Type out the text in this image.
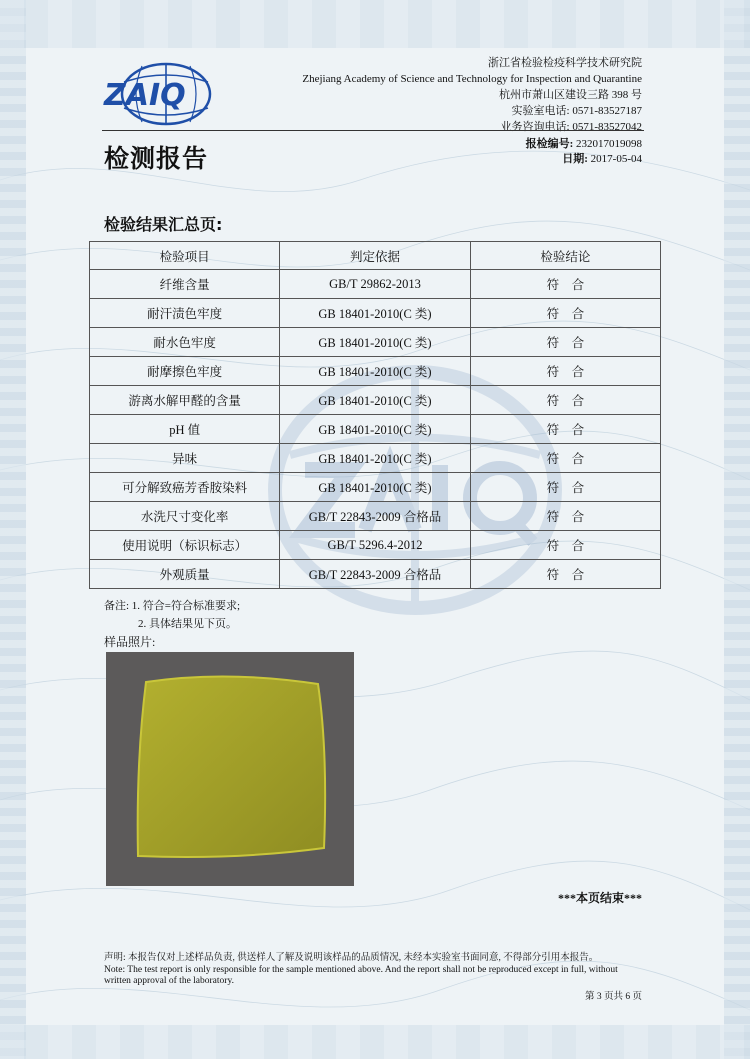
ZAIQ
浙江省检验检疫科学技术研究院
Zhejiang Academy of Science and Technology for Inspection and Quarantine
杭州市萧山区建设三路 398 号
实验室电话: 0571-83527187
业务咨询电话: 0571-83527042
检测报告	报检编号: 232017019098
日期: 2017-05-04
检验结果汇总页:
检验项目	判定依据	检验结论
纤维含量	GB/T 29862-2013	符　合
耐汗渍色牢度	GB 18401-2010(C 类)	符　合
耐水色牢度	GB 18401-2010(C 类)	符　合
耐摩擦色牢度	GB 18401-2010(C 类)	符　合
游离水解甲醛的含量	GB 18401-2010(C 类)	符　合
pH 值	GB 18401-2010(C 类)	符　合
异味	GB 18401-2010(C 类)	符　合
可分解致癌芳香胺染料	GB 18401-2010(C 类)	符　合
水洗尺寸变化率	GB/T 22843-2009 合格品	符　合
使用说明（标识标志）	GB/T 5296.4-2012	符　合
外观质量	GB/T 22843-2009 合格品	符　合
备注: 1. 符合=符合标准要求;
2. 具体结果见下页。
样品照片:
***本页结束***
声明: 本报告仅对上述样品负责, 供送样人了解及说明该样品的品质情况, 未经本实验室书面同意, 不得部分引用本报告。
Note: The test report is only responsible for the sample mentioned above. And the report shall not be reproduced except in full, without written approval of the laboratory.
第 3 页共 6 页
